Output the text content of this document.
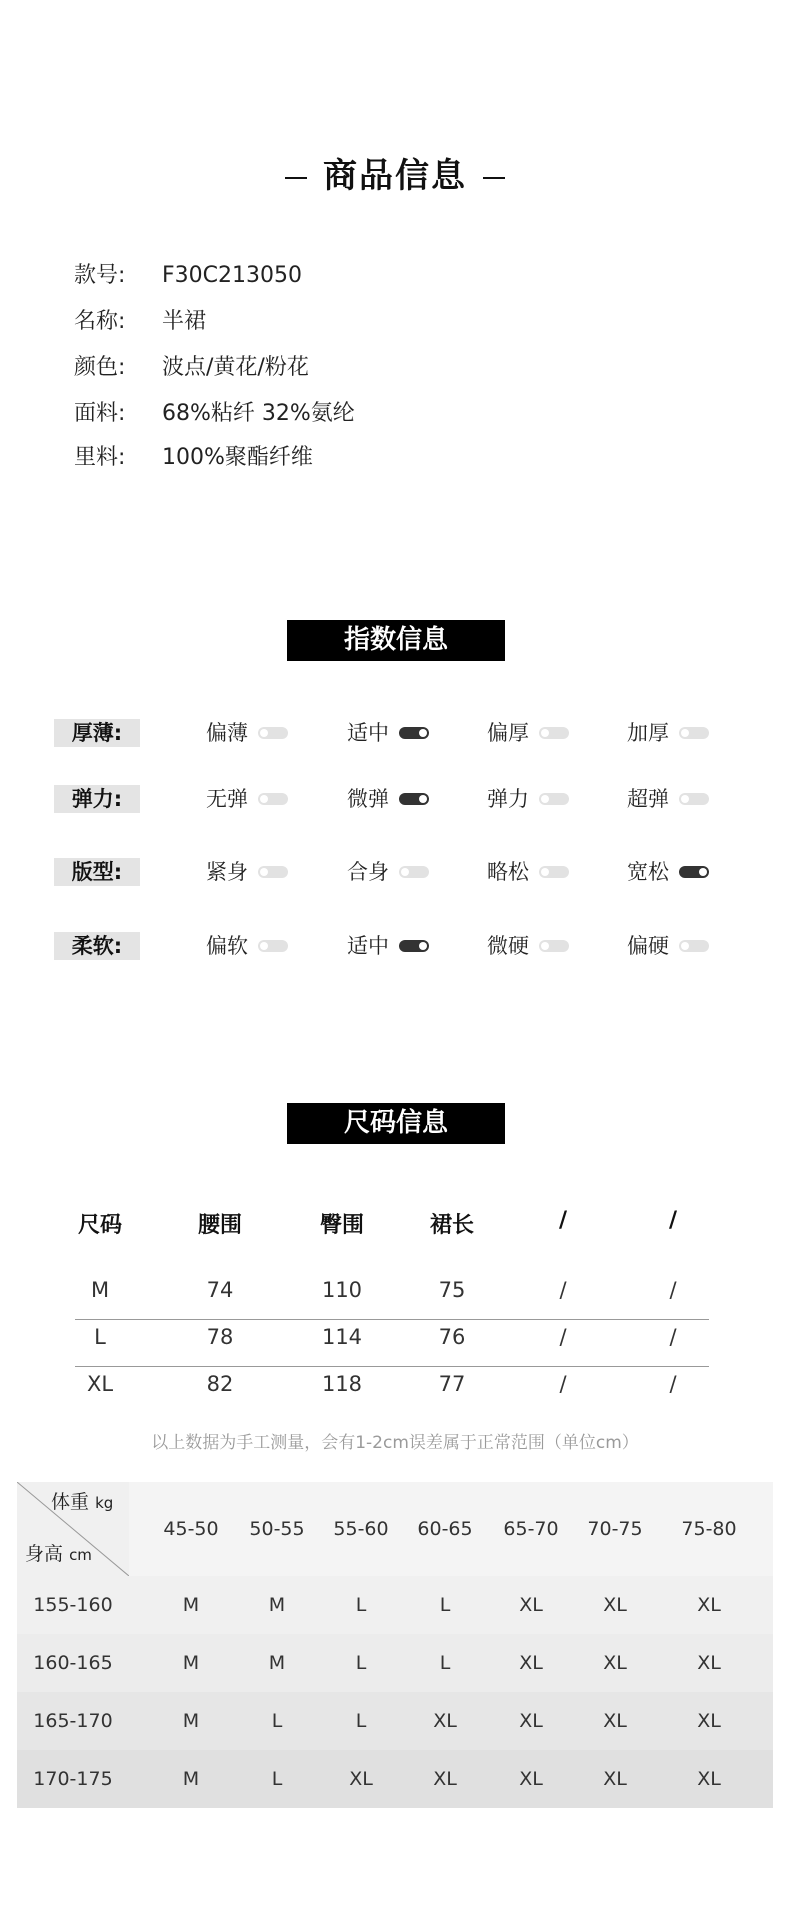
商品信息
款号: F30C213050
名称: 半裙
颜色: 波点/黄花/粉花
面料: 68%粘纤 32%氨纶
里料: 100%聚酯纤维
指数信息
厚薄:	偏薄	适中	偏厚	加厚
弹力:	无弹	微弹	弹力	超弹
版型:	紧身	合身	略松	宽松
柔软:	偏软	适中	微硬	偏硬
尺码信息
尺码	腰围	臀围	裙长	/	/
M	74	110	75	/	/
L	78	114	76	/	/
XL	82	118	77	/	/
以上数据为手工测量，会有1-2cm误差属于正常范围（单位cm）
体重 kg
身高 cm
45-50	50-55	55-60	60-65	65-70	70-75	75-80
155-160	M	M	L	L	XL	XL	XL
160-165	M	M	L	L	XL	XL	XL
165-170	M	L	L	XL	XL	XL	XL
170-175	M	L	XL	XL	XL	XL	XL
